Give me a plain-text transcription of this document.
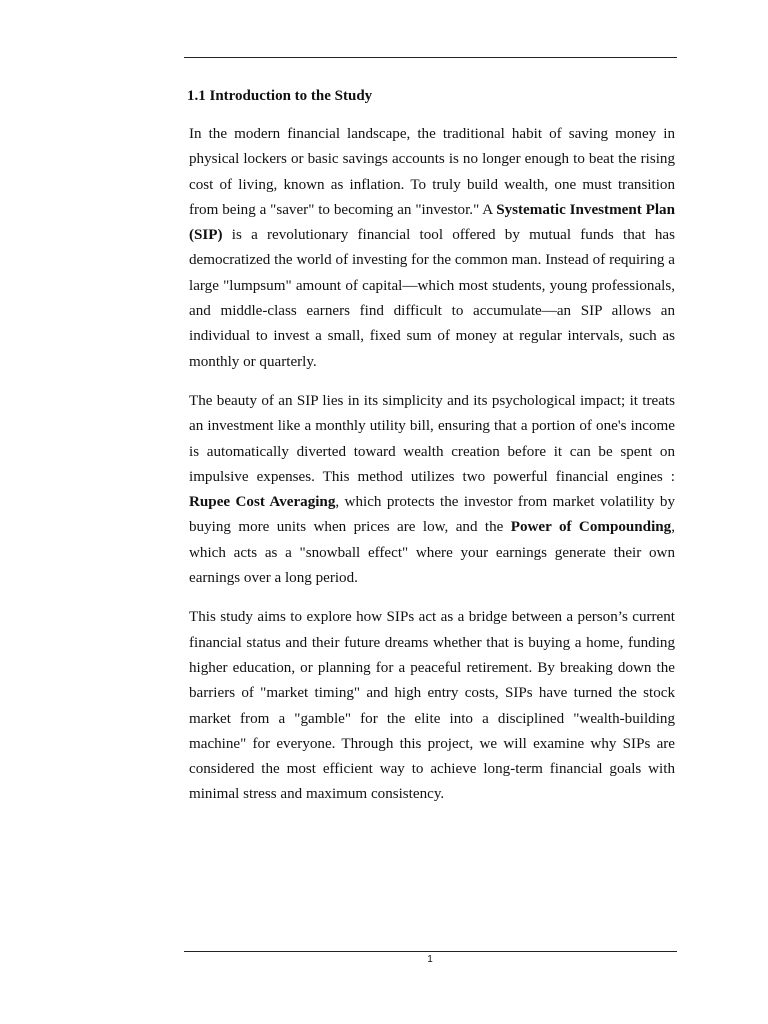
1.1 Introduction to the Study

In the modern financial landscape, the traditional habit of saving money in physical lockers or basic savings accounts is no longer enough to beat the rising cost of living, known as inflation. To truly build wealth, one must transition from being a "saver" to becoming an "investor." A Systematic Investment Plan (SIP) is a revolutionary financial tool offered by mutual funds that has democratized the world of investing for the common man. Instead of requiring a large "lumpsum" amount of capital—which most students, young professionals, and middle-class earners find difficult to accumulate—an SIP allows an individual to invest a small, fixed sum of money at regular intervals, such as monthly or quarterly.

The beauty of an SIP lies in its simplicity and its psychological impact; it treats an investment like a monthly utility bill, ensuring that a portion of one's income is automatically diverted toward wealth creation before it can be spent on impulsive expenses. This method utilizes two powerful financial engines : Rupee Cost Averaging, which protects the investor from market volatility by buying more units when prices are low, and the Power of Compounding, which acts as a "snowball effect" where your earnings generate their own earnings over a long period.

This study aims to explore how SIPs act as a bridge between a person’s current financial status and their future dreams whether that is buying a home, funding higher education, or planning for a peaceful retirement. By breaking down the barriers of "market timing" and high entry costs, SIPs have turned the stock market from a "gamble" for the elite into a disciplined "wealth-building machine" for everyone. Through this project, we will examine why SIPs are considered the most efficient way to achieve long-term financial goals with minimal stress and maximum consistency.

1
